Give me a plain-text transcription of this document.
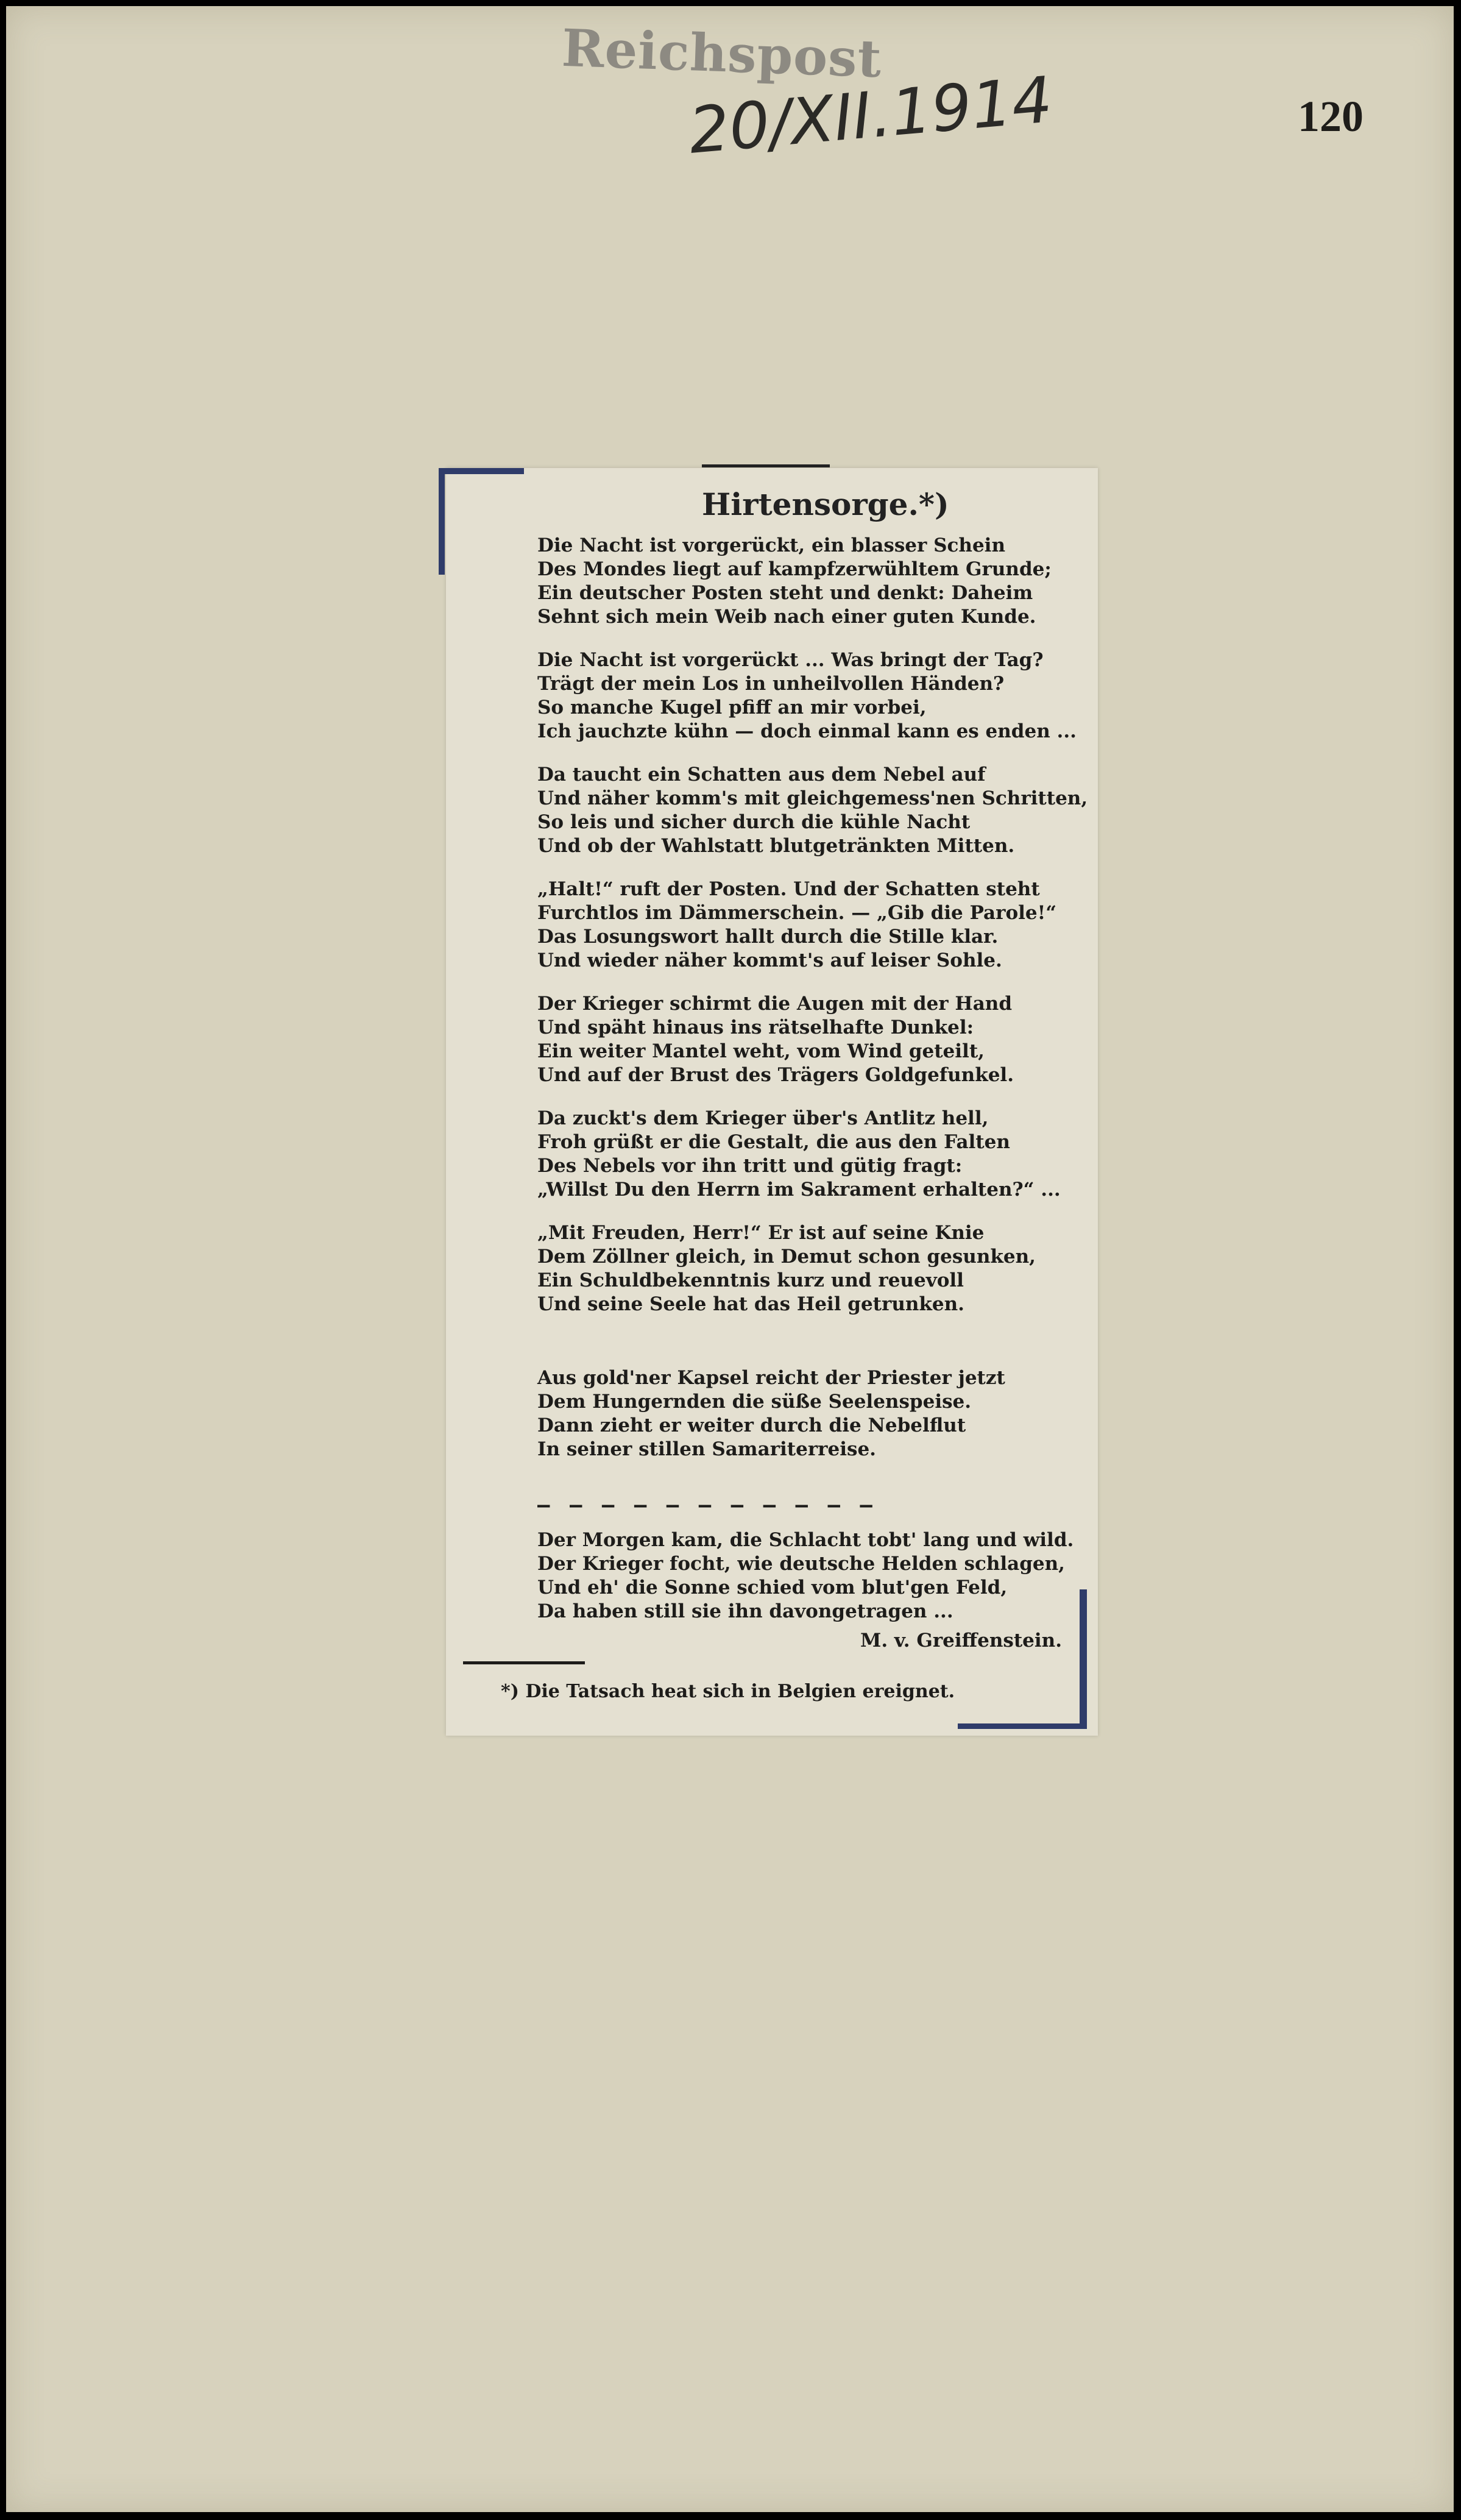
Reichspost
20/XII.1914	120
Hirtensorge.*)
Die Nacht ist vorgerückt, ein blasser Schein
Des Mondes liegt auf kampfzerwühltem Grunde;
Ein deutscher Posten steht und denkt: Daheim
Sehnt sich mein Weib nach einer guten Kunde.
Die Nacht ist vorgerückt ... Was bringt der Tag?
Trägt der mein Los in unheilvollen Händen?
So manche Kugel pfiff an mir vorbei,
Ich jauchzte kühn — doch einmal kann es enden ...
Da taucht ein Schatten aus dem Nebel auf
Und näher komm's mit gleichgemess'nen Schritten,
So leis und sicher durch die kühle Nacht
Und ob der Wahlstatt blutgetränkten Mitten.
„Halt!“ ruft der Posten. Und der Schatten steht
Furchtlos im Dämmerschein. — „Gib die Parole!“
Das Losungswort hallt durch die Stille klar.
Und wieder näher kommt's auf leiser Sohle.
Der Krieger schirmt die Augen mit der Hand
Und späht hinaus ins rätselhafte Dunkel:
Ein weiter Mantel weht, vom Wind geteilt,
Und auf der Brust des Trägers Goldgefunkel.
Da zuckt's dem Krieger über's Antlitz hell,
Froh grüßt er die Gestalt, die aus den Falten
Des Nebels vor ihn tritt und gütig fragt:
„Willst Du den Herrn im Sakrament erhalten?“ ...
„Mit Freuden, Herr!“ Er ist auf seine Knie
Dem Zöllner gleich, in Demut schon gesunken,
Ein Schuldbekenntnis kurz und reuevoll
Und seine Seele hat das Heil getrunken.
Aus gold'ner Kapsel reicht der Priester jetzt
Dem Hungernden die süße Seelenspeise.
Dann zieht er weiter durch die Nebelflut
In seiner stillen Samariterreise.
— — — — — — — — — — —
Der Morgen kam, die Schlacht tobt' lang und wild.
Der Krieger focht, wie deutsche Helden schlagen,
Und eh' die Sonne schied vom blut'gen Feld,
Da haben still sie ihn davongetragen ...
M. v. Greiffenstein.
*) Die Tatsach heat sich in Belgien ereignet.
